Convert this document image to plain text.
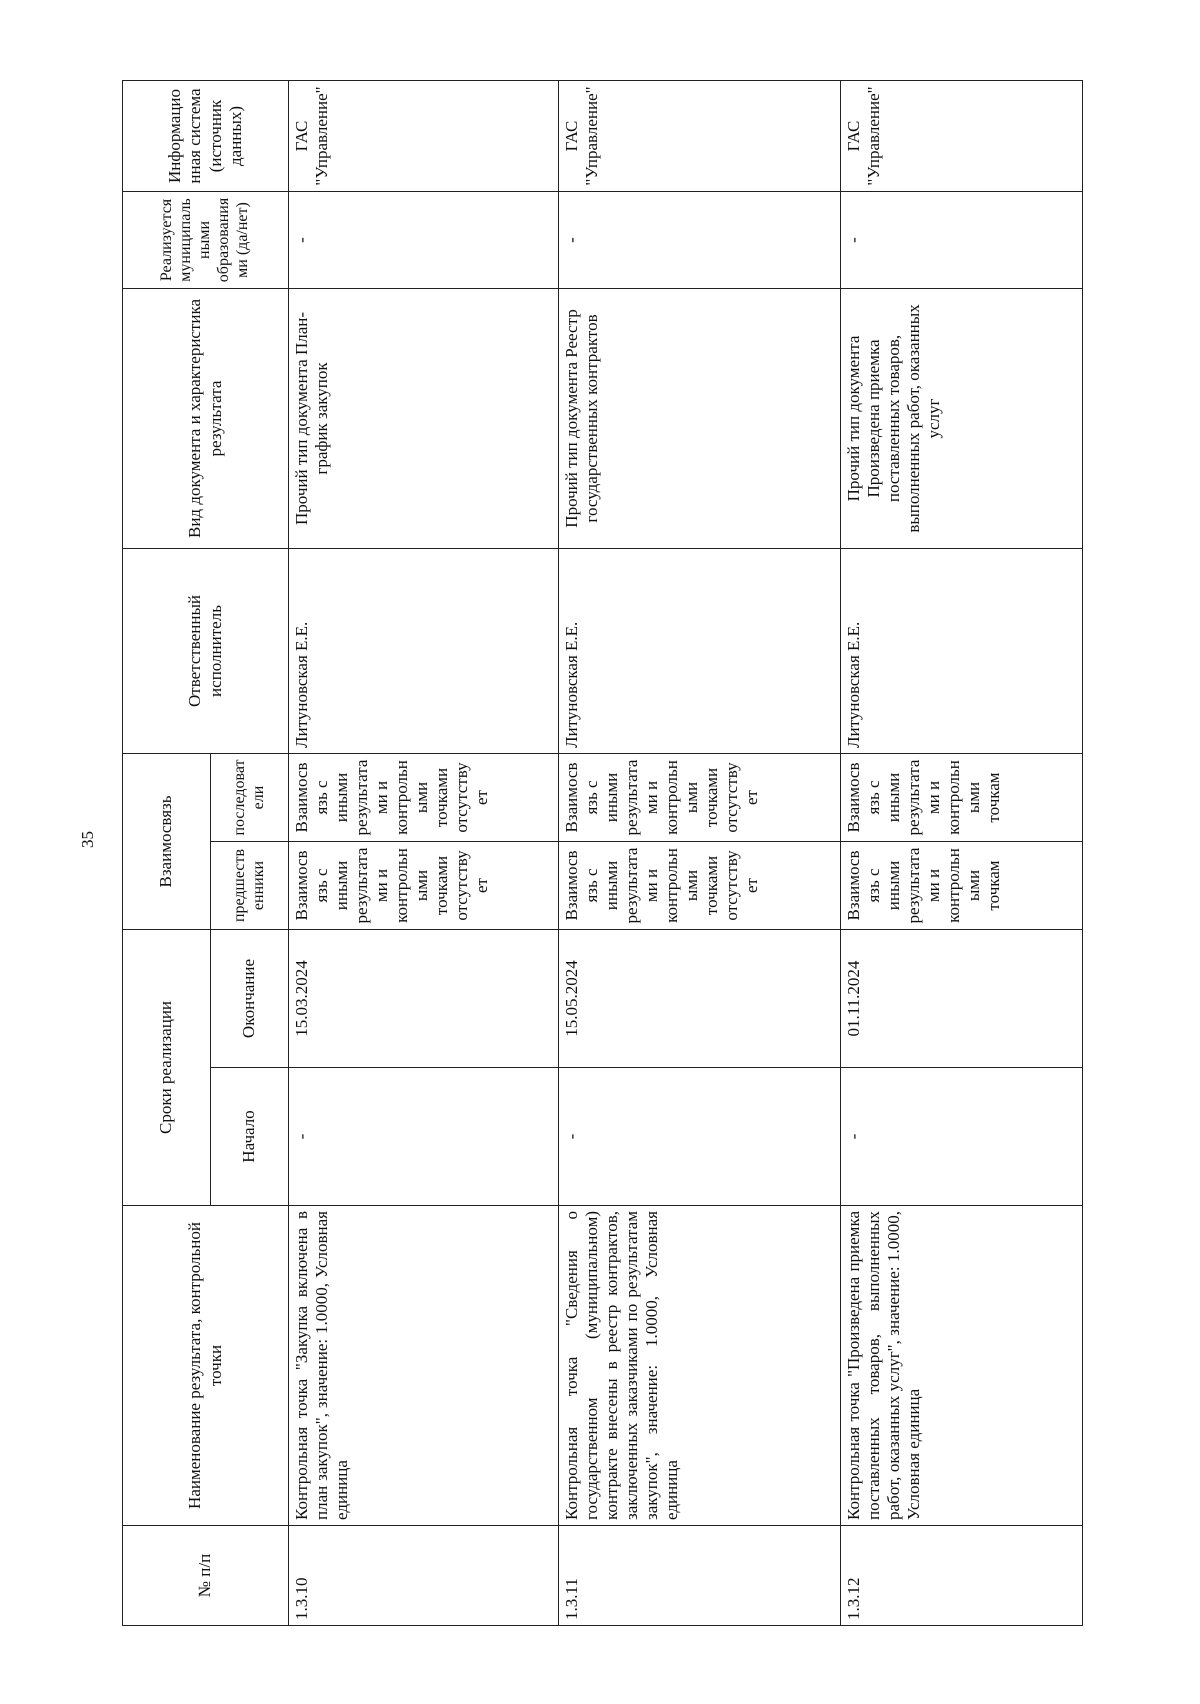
35
№ п/п	Наименование результата, контрольной точки	Сроки реализации		Взаимосвязь		Ответственный исполнитель	Вид документа и характеристика результата	Реализуется муниципальными образованиями (да/нет)	Информационная система (источник данных)
		Начало	Окончание	предшественники	последователи				
1.3.10	Контрольная точка "Закупка включена в план закупок", значение: 1.0000, Условная единица	-	15.03.2024	Взаимосвязь с иными результатами и контрольными точками отсутствует	Взаимосвязь с иными результатами и контрольными точками отсутствует	Литуновская Е.Е.	Прочий тип документа План-график закупок	-	ГАС "Управление"
1.3.11	Контрольная точка "Сведения о государственном (муниципальном) контракте внесены в реестр контрактов, заключенных заказчиками по результатам закупок", значение: 1.0000, Условная единица	-	15.05.2024	Взаимосвязь с иными результатами и контрольными точками отсутствует	Взаимосвязь с иными результатами и контрольными точками отсутствует	Литуновская Е.Е.	Прочий тип документа Реестр государственных контрактов	-	ГАС "Управление"
1.3.12	Контрольная точка "Произведена приемка поставленных товаров, выполненных работ, оказанных услуг", значение: 1.0000, Условная единица	-	01.11.2024	Взаимосвязь с иными результатами и контрольными точкам	Взаимосвязь с иными результатами и контрольными точкам	Литуновская Е.Е.	Прочий тип документа Произведена приемка поставленных товаров, выполненных работ, оказанных услуг	-	ГАС "Управление"
